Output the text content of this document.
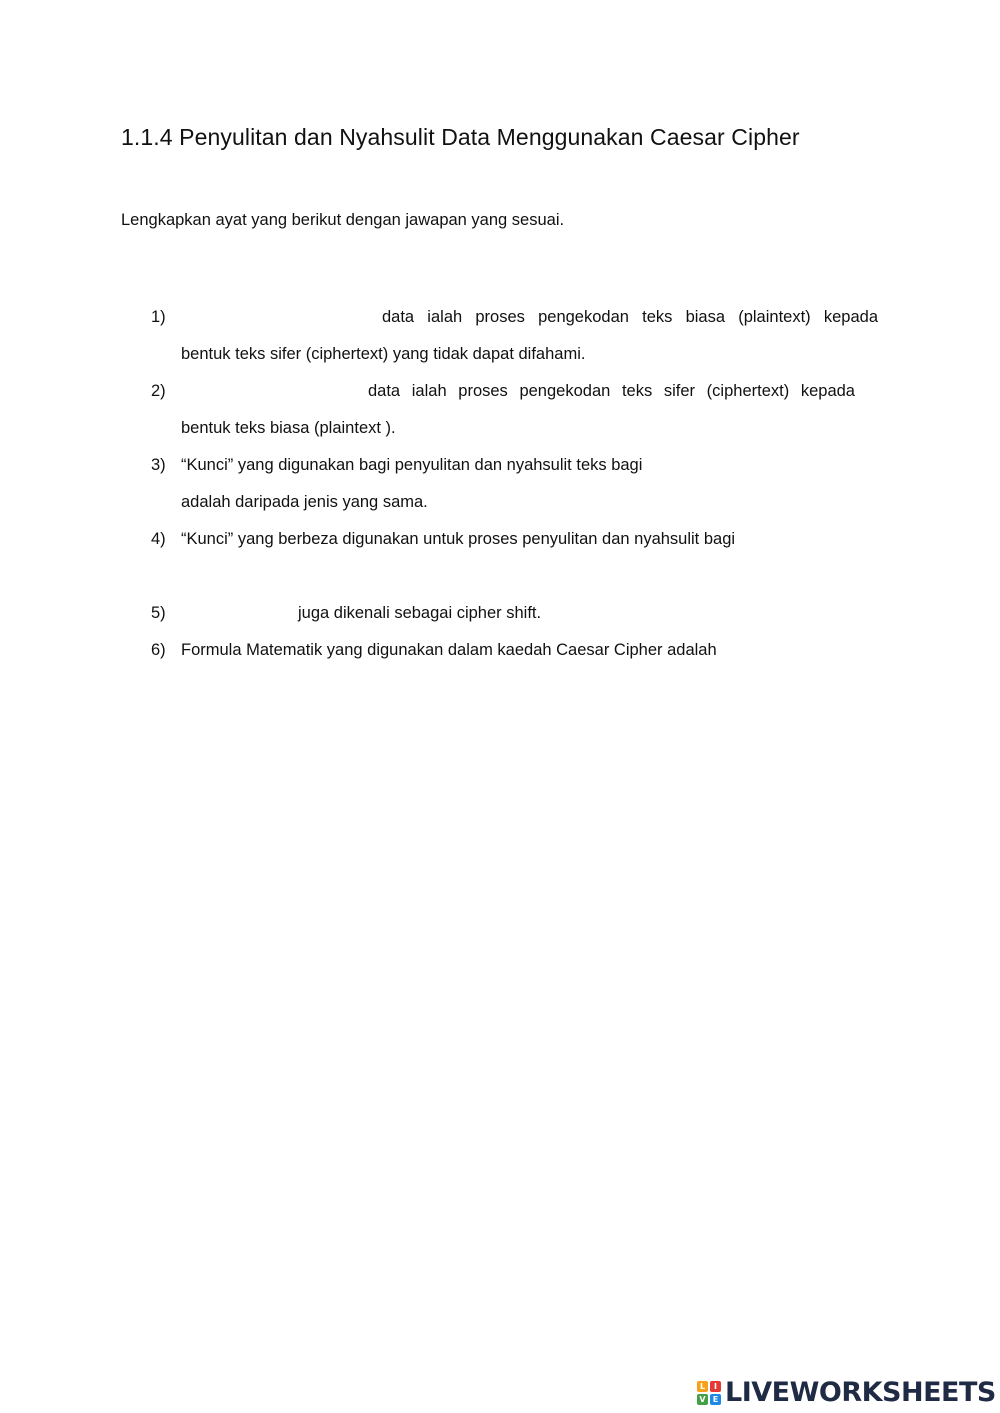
1.1.4 Penyulitan dan Nyahsulit Data Menggunakan Caesar Cipher
Lengkapkan ayat yang berikut dengan jawapan yang sesuai.
1)	data ialah proses pengekodan teks biasa (plaintext) kepada
bentuk teks sifer (ciphertext) yang tidak dapat difahami.
2)	data ialah proses pengekodan teks sifer (ciphertext) kepada
bentuk teks biasa (plaintext ).
3) “Kunci” yang digunakan bagi penyulitan dan nyahsulit teks bagi
adalah daripada jenis yang sama.
4) “Kunci” yang berbeza digunakan untuk proses penyulitan dan nyahsulit bagi
5)	juga dikenali sebagai cipher shift.
6) Formula Matematik yang digunakan dalam kaedah Caesar Cipher adalah
L	I
V E LIVEWORKSHEETS
